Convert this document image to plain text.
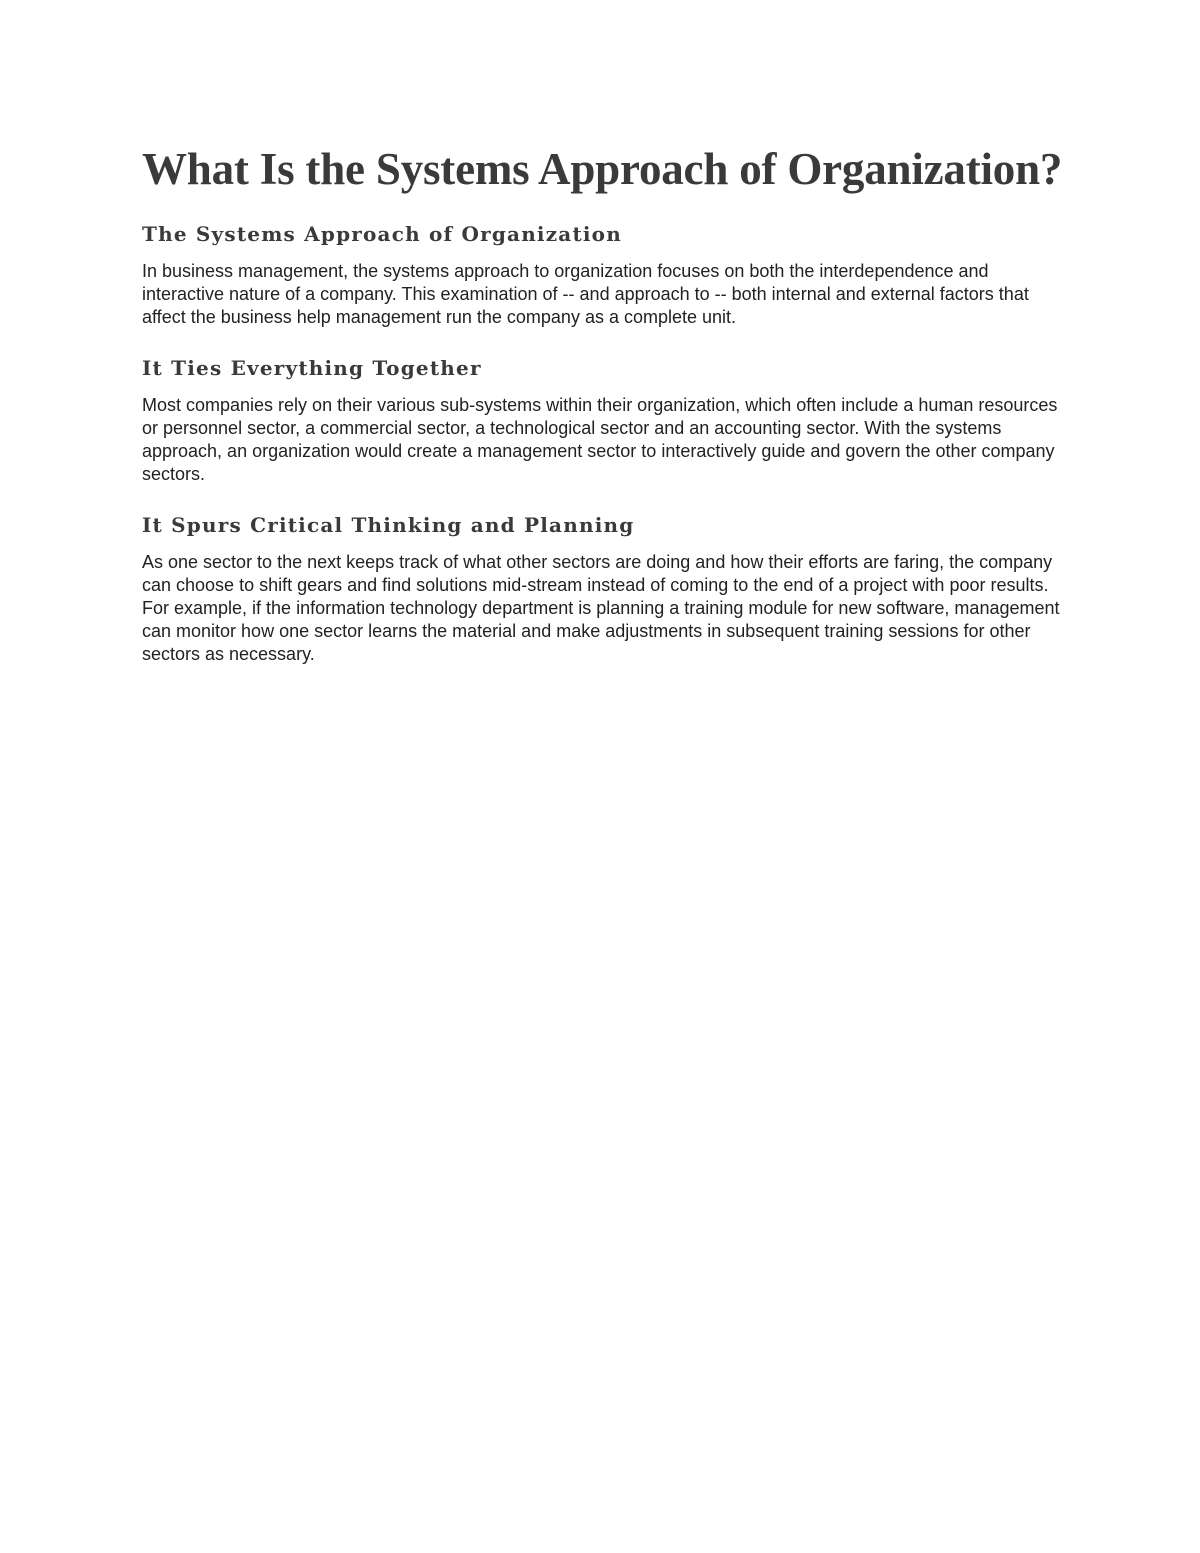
What Is the Systems Approach of Organization?
The Systems Approach of Organization

In business management, the systems approach to organization focuses on both the interdependence and interactive nature of a company. This examination of -- and approach to -- both internal and external factors that affect the business help management run the company as a complete unit.

It Ties Everything Together

Most companies rely on their various sub-systems within their organization, which often include a human resources or personnel sector, a commercial sector, a technological sector and an accounting sector. With the systems approach, an organization would create a management sector to interactively guide and govern the other company sectors.

It Spurs Critical Thinking and Planning

As one sector to the next keeps track of what other sectors are doing and how their efforts are faring, the company can choose to shift gears and find solutions mid-stream instead of coming to the end of a project with poor results. For example, if the information technology department is planning a training module for new software, management can monitor how one sector learns the material and make adjustments in subsequent training sessions for other sectors as necessary.
